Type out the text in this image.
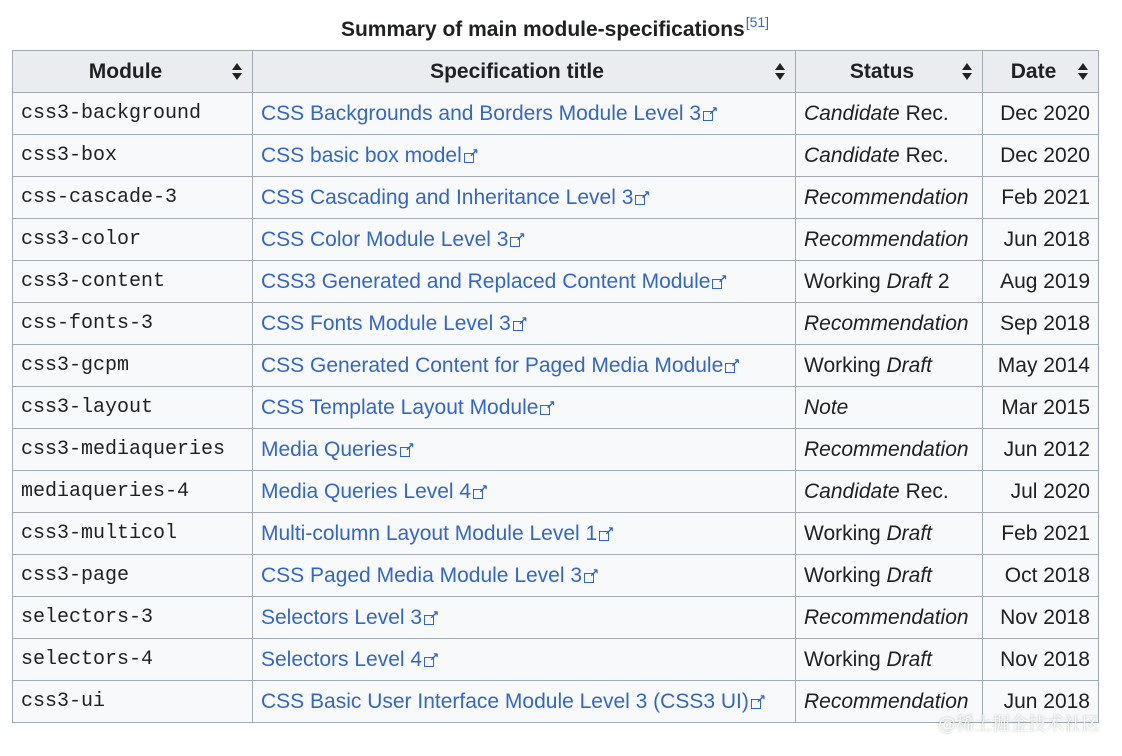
Summary of main module-specifications[51]
Module	Specification title	Status	Date

css3-background	CSS Backgrounds and Borders Module Level 3 ↗	Candidate Rec.	Dec 2020
css3-box	CSS basic box model ↗	Candidate Rec.	Dec 2020
css-cascade-3	CSS Cascading and Inheritance Level 3 ↗	Recommendation	Feb 2021
css3-color	CSS Color Module Level 3 ↗	Recommendation	Jun 2018
css3-content	CSS3 Generated and Replaced Content Module ↗	Working Draft 2	Aug 2019
css-fonts-3	CSS Fonts Module Level 3 ↗	Recommendation	Sep 2018
css3-gcpm	CSS Generated Content for Paged Media Module ↗	Working Draft	May 2014
css3-layout	CSS Template Layout Module ↗	Note	Mar 2015
css3-mediaqueries	Media Queries ↗	Recommendation	Jun 2012
mediaqueries-4	Media Queries Level 4 ↗	Candidate Rec.	Jul 2020
css3-multicol	Multi-column Layout Module Level 1 ↗	Working Draft	Feb 2021
css3-page	CSS Paged Media Module Level 3 ↗	Working Draft	Oct 2018
selectors-3	Selectors Level 3 ↗	Recommendation	Nov 2018
selectors-4	Selectors Level 4 ↗	Working Draft	Nov 2018
css3-ui	CSS Basic User Interface Module Level 3 (CSS3 UI) ↗	Recommendation	Jun 2018
@稀土掘金技术社区
